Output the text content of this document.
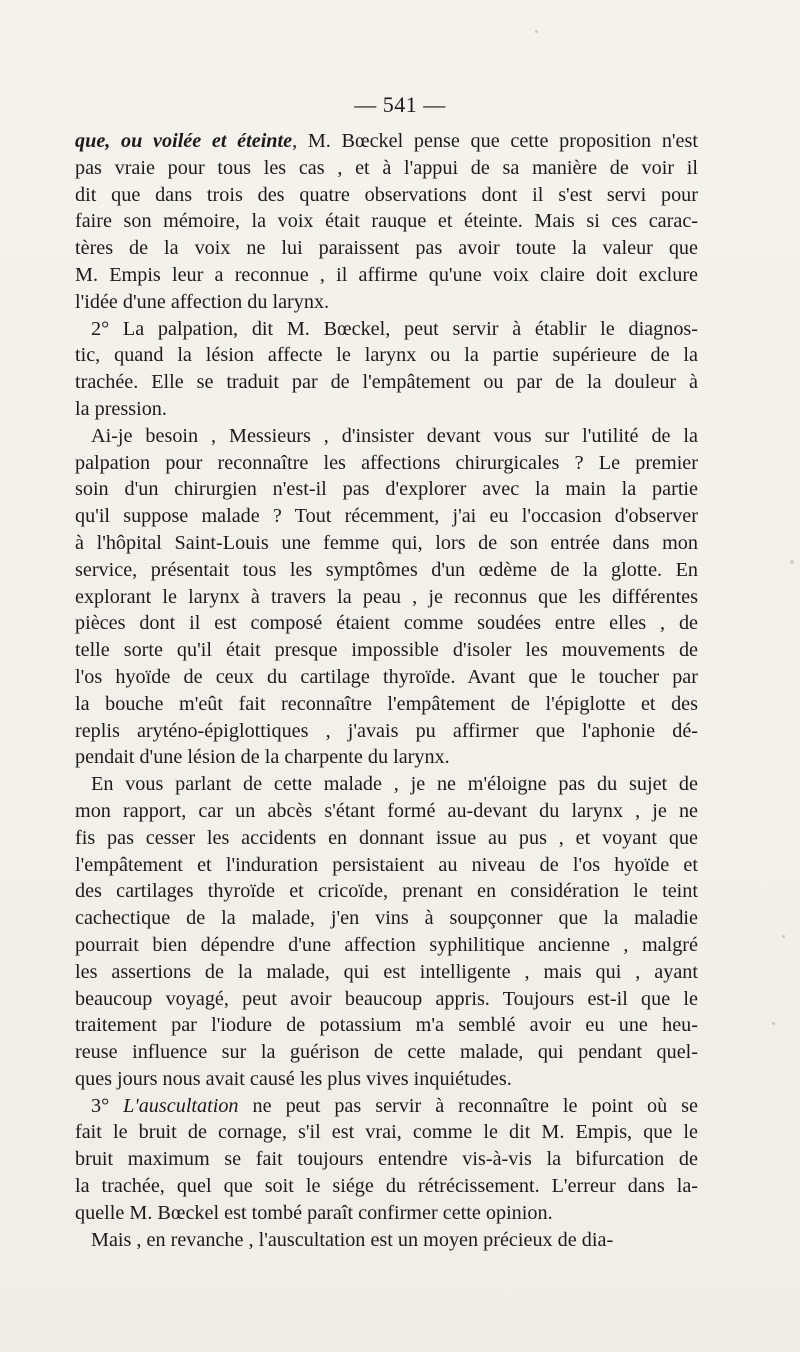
— 541 —
que, ou voilée et éteinte, M. Bœckel pense que cette proposition n'est
pas vraie pour tous les cas , et à l'appui de sa manière de voir il
dit que dans trois des quatre observations dont il s'est servi pour
faire son mémoire, la voix était rauque et éteinte. Mais si ces carac-
tères de la voix ne lui paraissent pas avoir toute la valeur que
M. Empis leur a reconnue , il affirme qu'une voix claire doit exclure
l'idée d'une affection du larynx.
2° La palpation, dit M. Bœckel, peut servir à établir le diagnos-
tic, quand la lésion affecte le larynx ou la partie supérieure de la
trachée. Elle se traduit par de l'empâtement ou par de la douleur à
la pression.
Ai-je besoin , Messieurs , d'insister devant vous sur l'utilité de la
palpation pour reconnaître les affections chirurgicales ? Le premier
soin d'un chirurgien n'est-il pas d'explorer avec la main la partie
qu'il suppose malade ? Tout récemment, j'ai eu l'occasion d'observer
à l'hôpital Saint-Louis une femme qui, lors de son entrée dans mon
service, présentait tous les symptômes d'un œdème de la glotte. En
explorant le larynx à travers la peau , je reconnus que les différentes
pièces dont il est composé étaient comme soudées entre elles , de
telle sorte qu'il était presque impossible d'isoler les mouvements de
l'os hyoïde de ceux du cartilage thyroïde. Avant que le toucher par
la bouche m'eût fait reconnaître l'empâtement de l'épiglotte et des
replis aryténo-épiglottiques , j'avais pu affirmer que l'aphonie dé-
pendait d'une lésion de la charpente du larynx.
En vous parlant de cette malade , je ne m'éloigne pas du sujet de
mon rapport, car un abcès s'étant formé au-devant du larynx , je ne
fis pas cesser les accidents en donnant issue au pus , et voyant que
l'empâtement et l'induration persistaient au niveau de l'os hyoïde et
des cartilages thyroïde et cricoïde, prenant en considération le teint
cachectique de la malade, j'en vins à soupçonner que la maladie
pourrait bien dépendre d'une affection syphilitique ancienne , malgré
les assertions de la malade, qui est intelligente , mais qui , ayant
beaucoup voyagé, peut avoir beaucoup appris. Toujours est-il que le
traitement par l'iodure de potassium m'a semblé avoir eu une heu-
reuse influence sur la guérison de cette malade, qui pendant quel-
ques jours nous avait causé les plus vives inquiétudes.
3° L'auscultation ne peut pas servir à reconnaître le point où se
fait le bruit de cornage, s'il est vrai, comme le dit M. Empis, que le
bruit maximum se fait toujours entendre vis-à-vis la bifurcation de
la trachée, quel que soit le siége du rétrécissement. L'erreur dans la-
quelle M. Bœckel est tombé paraît confirmer cette opinion.
Mais , en revanche , l'auscultation est un moyen précieux de dia-
